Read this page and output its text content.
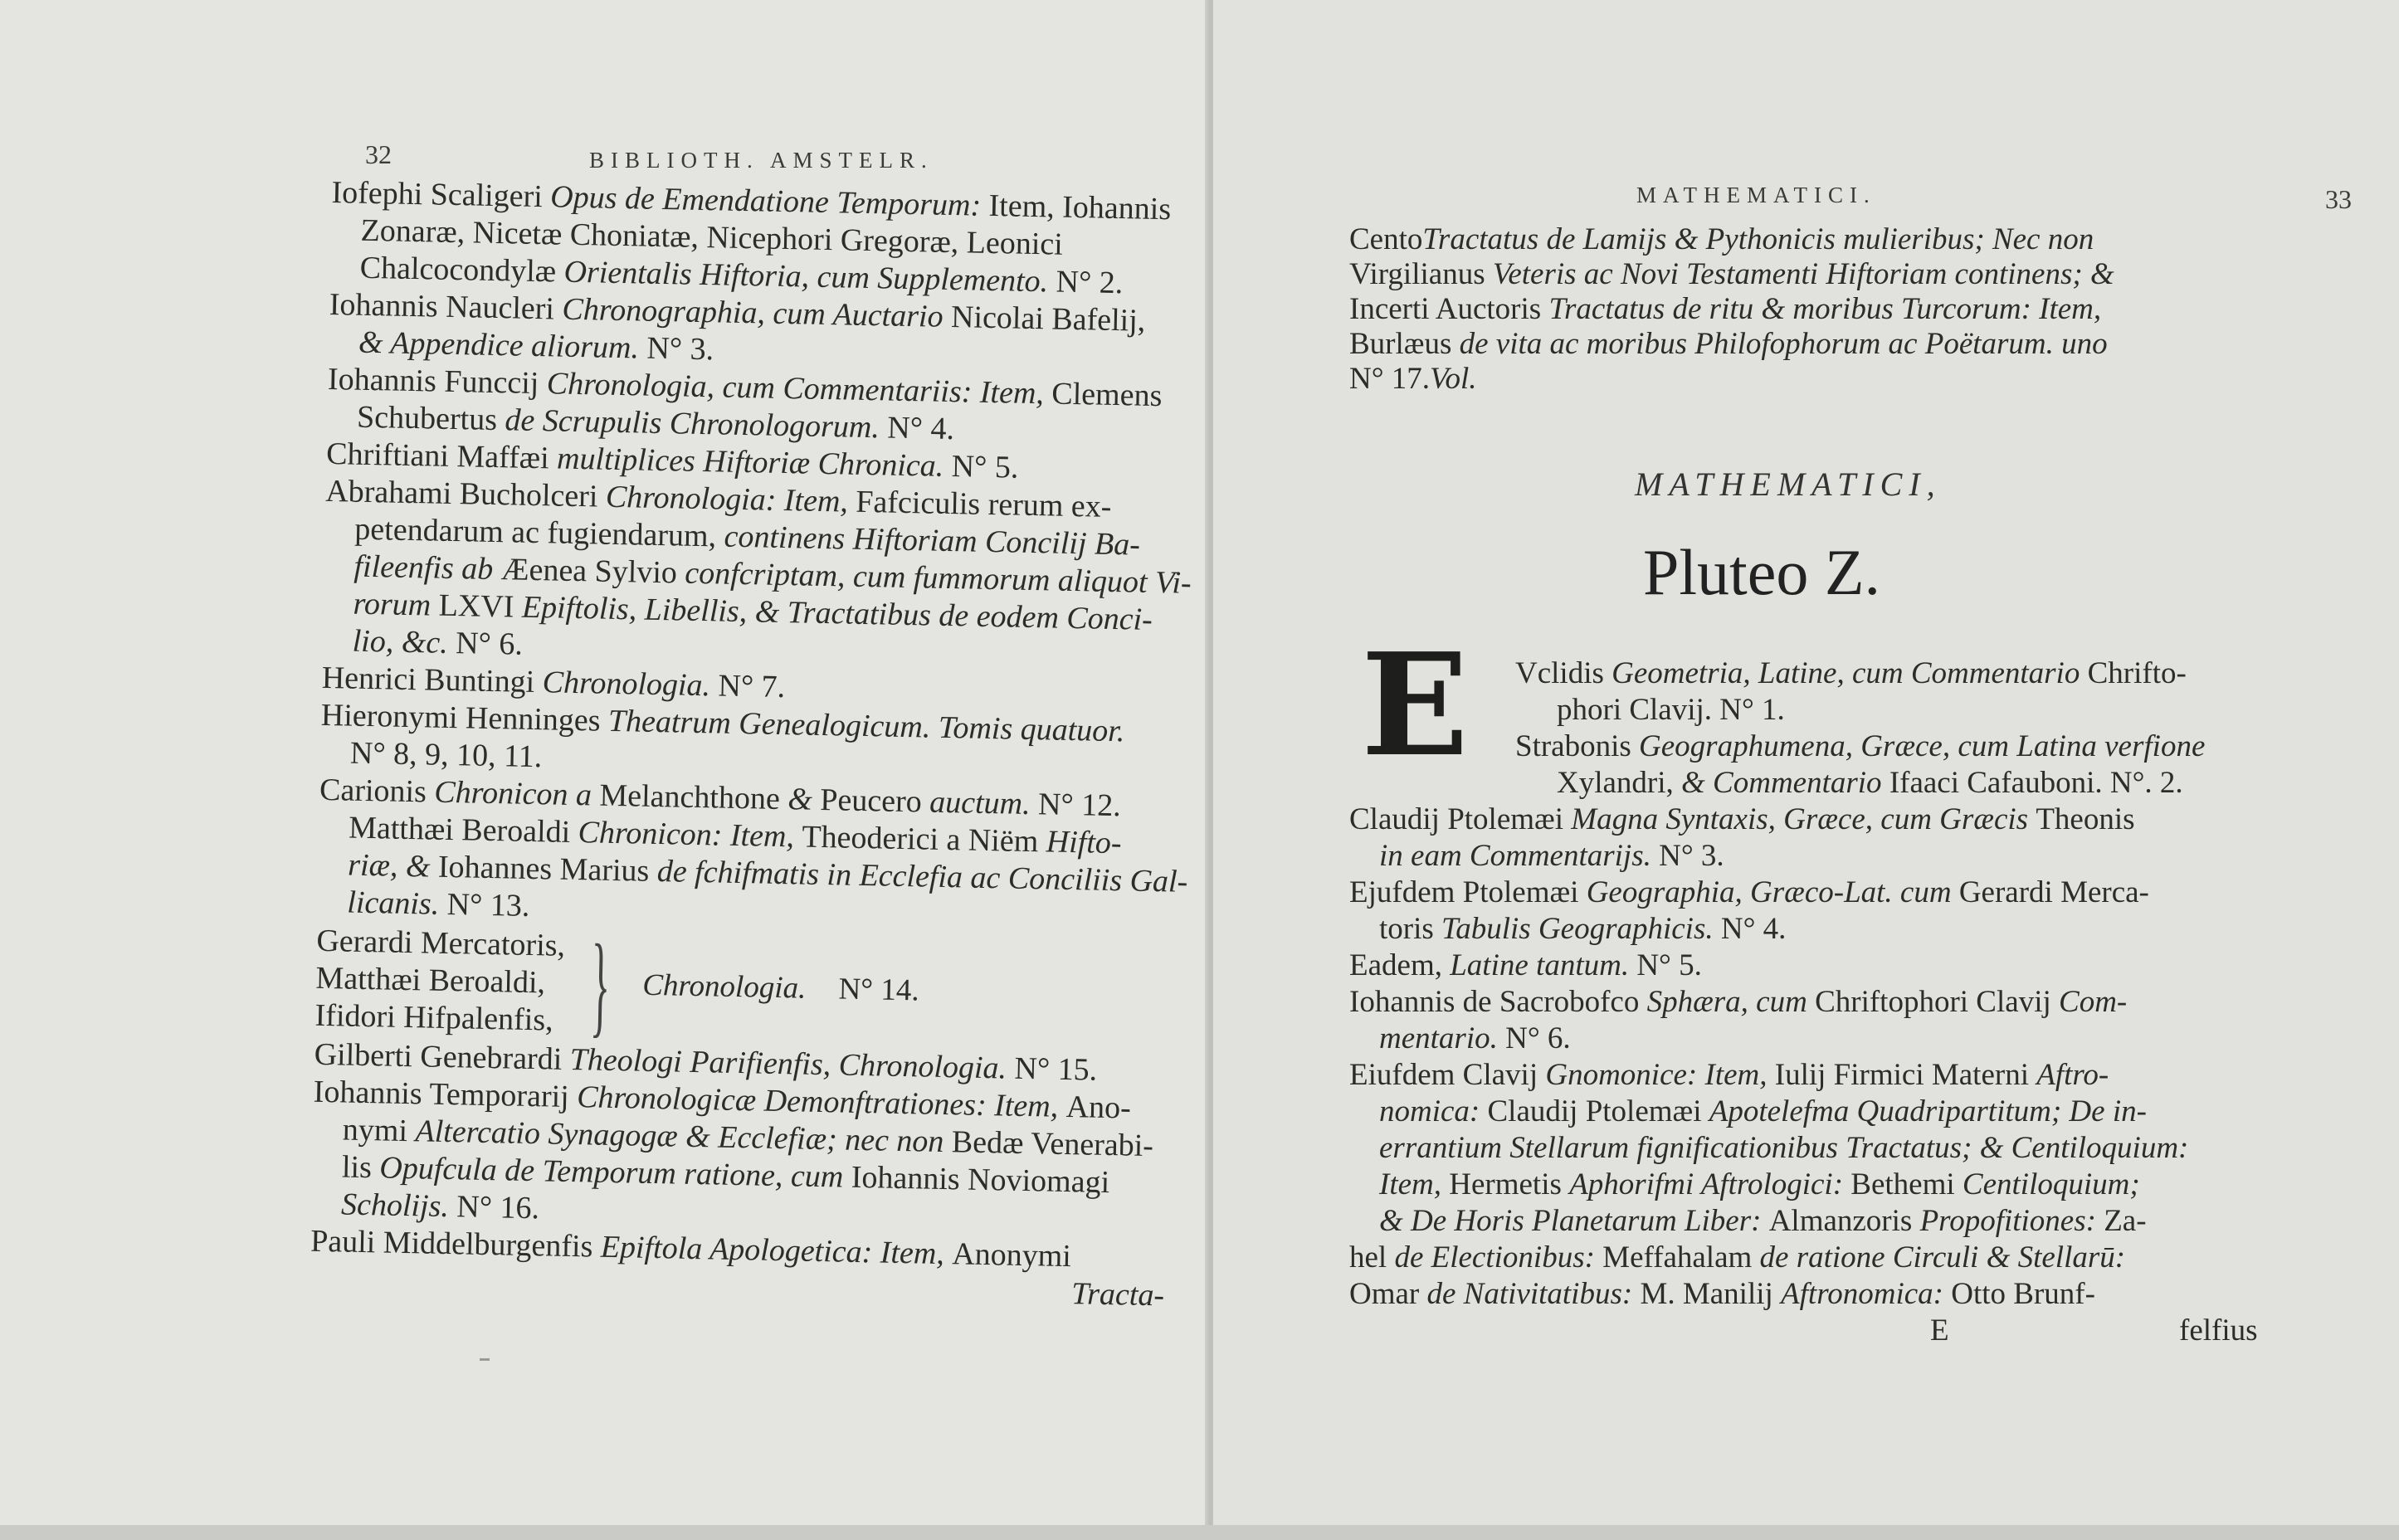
32	BIBLIOTH. AMSTELR.
Iofephi Scaligeri Opus de Emendatione Temporum: Item, Iohannis
Zonaræ, Nicetæ Choniatæ, Nicephori Gregoræ, Leonici
Chalcocondylæ Orientalis Hiftoria, cum Supplemento. N° 2.
Iohannis Naucleri Chronographia, cum Auctario Nicolai Bafelij,
& Appendice aliorum. N° 3.
Iohannis Funccij Chronologia, cum Commentariis: Item, Clemens
Schubertus de Scrupulis Chronologorum. N° 4.
Chriftiani Maffæi multiplices Hiftoriæ Chronica. N° 5.
Abrahami Bucholceri Chronologia: Item, Fafciculis rerum ex-
petendarum ac fugiendarum, continens Hiftoriam Concilij Ba-
fileenfis ab Æenea Sylvio confcriptam, cum fummorum aliquot Vi-
rorum LXVI Epiftolis, Libellis, & Tractatibus de eodem Conci-
lio, &c. N° 6.
Henrici Buntingi Chronologia. N° 7.
Hieronymi Henninges Theatrum Genealogicum. Tomis quatuor.
N° 8, 9, 10, 11.
Carionis Chronicon a Melanchthone & Peucero auctum. N° 12.
Matthæi Beroaldi Chronicon: Item, Theoderici a Niëm Hifto-
riæ, & Iohannes Marius de fchifmatis in Ecclefia ac Conciliis Gal-
licanis. N° 13.
Gerardi Mercatoris,
Matthæi Beroaldi,
Ifidori Hifpalenfis, } Chronologia. N° 14.
Gilberti Genebrardi Theologi Parifienfis, Chronologia. N° 15.
Iohannis Temporarij Chronologicæ Demonftrationes: Item, Ano-
nymi Altercatio Synagogæ & Ecclefiæ; nec non Bedæ Venerabi-
lis Opufcula de Temporum ratione, cum Iohannis Noviomagi
Scholijs. N° 16.
Pauli Middelburgenfis Epiftola Apologetica: Item, Anonymi
Tracta-
MATHEMATICI.	33
CentoTractatus de Lamijs & Pythonicis mulieribus; Nec non
Virgilianus Veteris ac Novi Testamenti Hiftoriam continens; &
Incerti Auctoris Tractatus de ritu & moribus Turcorum: Item,
Burlæus de vita ac moribus Philofophorum ac Poëtarum. uno
N° 17.Vol.
MATHEMATICI,
Pluteo Z.
E Vclidis Geometria, Latine, cum Commentario Chrifto-
phori Clavij. N° 1.
Strabonis Geographumena, Græce, cum Latina verfione
Xylandri, & Commentario Ifaaci Cafauboni. N°. 2.
Claudij Ptolemæi Magna Syntaxis, Græce, cum Græcis Theonis
in eam Commentarijs. N° 3.
Ejufdem Ptolemæi Geographia, Græco-Lat. cum Gerardi Merca-
toris Tabulis Geographicis. N° 4.
Eadem, Latine tantum. N° 5.
Iohannis de Sacrobofco Sphæra, cum Chriftophori Clavij Com-
mentario. N° 6.
Eiufdem Clavij Gnomonice: Item, Iulij Firmici Materni Aftro-
nomica: Claudij Ptolemæi Apotelefma Quadripartitum; De in-
errantium Stellarum fignificationibus Tractatus; & Centiloquium:
Item, Hermetis Aphorifmi Aftrologici: Bethemi Centiloquium;
& De Horis Planetarum Liber: Almanzoris Propofitiones: Za-
hel de Electionibus: Meffahalam de ratione Circuli & Stellarū:
Omar de Nativitatibus: M. Manilij Aftronomica: Otto Brunf-
E	felfius
